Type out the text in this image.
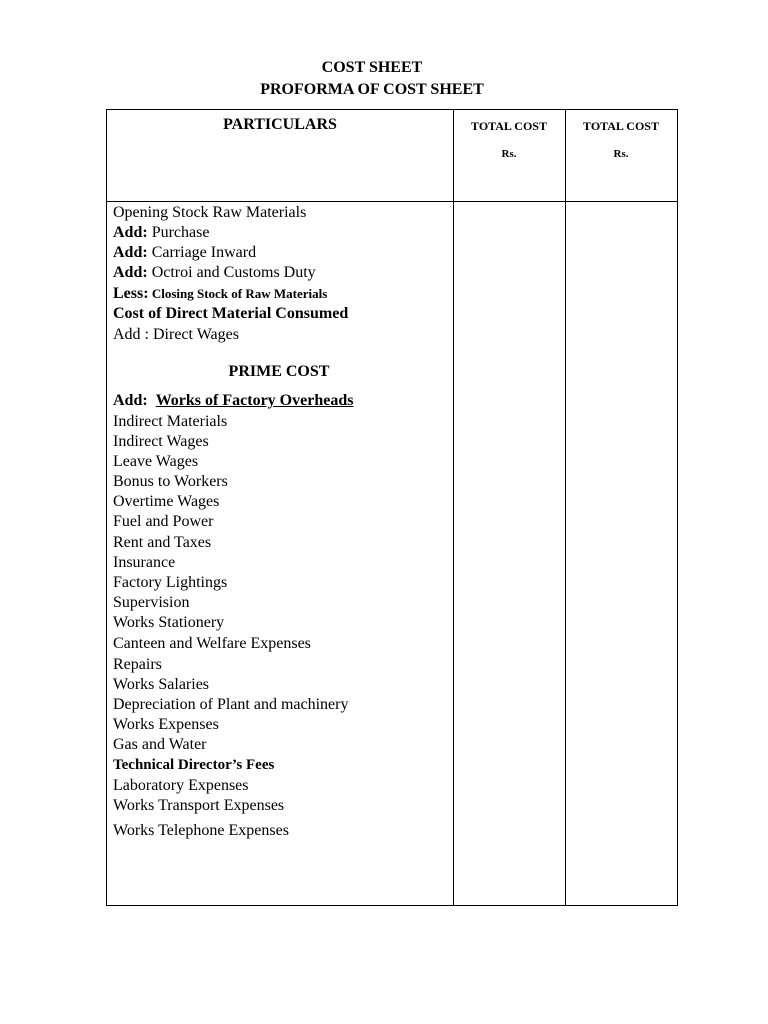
COST SHEET
PROFORMA OF COST SHEET
PARTICULARS	TOTAL COST
Rs.
TOTAL COST
Rs.
Opening Stock Raw Materials
Add: Purchase
Add: Carriage Inward
Add: Octroi and Customs Duty
Less: Closing Stock of Raw Materials
Cost of Direct Material Consumed
Add : Direct Wages
PRIME COST
Add: Works of Factory Overheads
Indirect Materials
Indirect Wages
Leave Wages
Bonus to Workers
Overtime Wages
Fuel and Power
Rent and Taxes
Insurance
Factory Lightings
Supervision
Works Stationery
Canteen and Welfare Expenses
Repairs
Works Salaries
Depreciation of Plant and machinery
Works Expenses
Gas and Water
Technical Director’s Fees
Laboratory Expenses
Works Transport Expenses
Works Telephone Expenses
